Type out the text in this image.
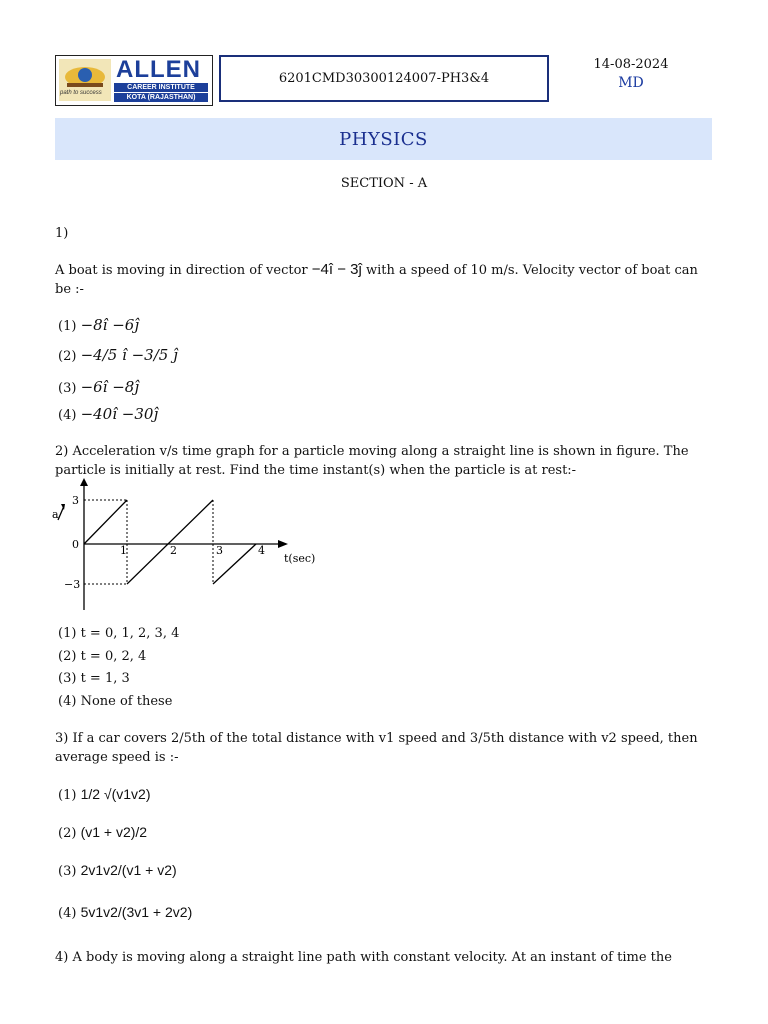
path to success
ALLEN
CAREER INSTITUTE
KOTA (RAJASTHAN)
6201CMD30300124007-PH3&4
14-08-2024
MD
PHYSICS
SECTION - A
1)
A boat is moving in direction of vector −4î − 3ĵ with a speed of 10 m/s. Velocity vector of boat can be :-
(1) −8î −6ĵ
(2) −4/5 î −3/5 ĵ
(3) −6î −8ĵ
(4) −40î −30ĵ
2) Acceleration v/s time graph for a particle moving along a straight line is shown in figure. The particle is initially at rest. Find the time instant(s) when the particle is at rest:-
a
3
0
−3
1	2	3	4
t(sec)
(1) t = 0, 1, 2, 3, 4
(2) t = 0, 2, 4
(3) t = 1, 3
(4) None of these
3) If a car covers 2/5th of the total distance with v1 speed and 3/5th distance with v2 speed, then average speed is :-
(1) 1/2 √(v1v2)
(2) (v1 + v2)/2
(3) 2v1v2/(v1 + v2)
(4) 5v1v2/(3v1 + 2v2)
4) A body is moving along a straight line path with constant velocity. At an instant of time the
